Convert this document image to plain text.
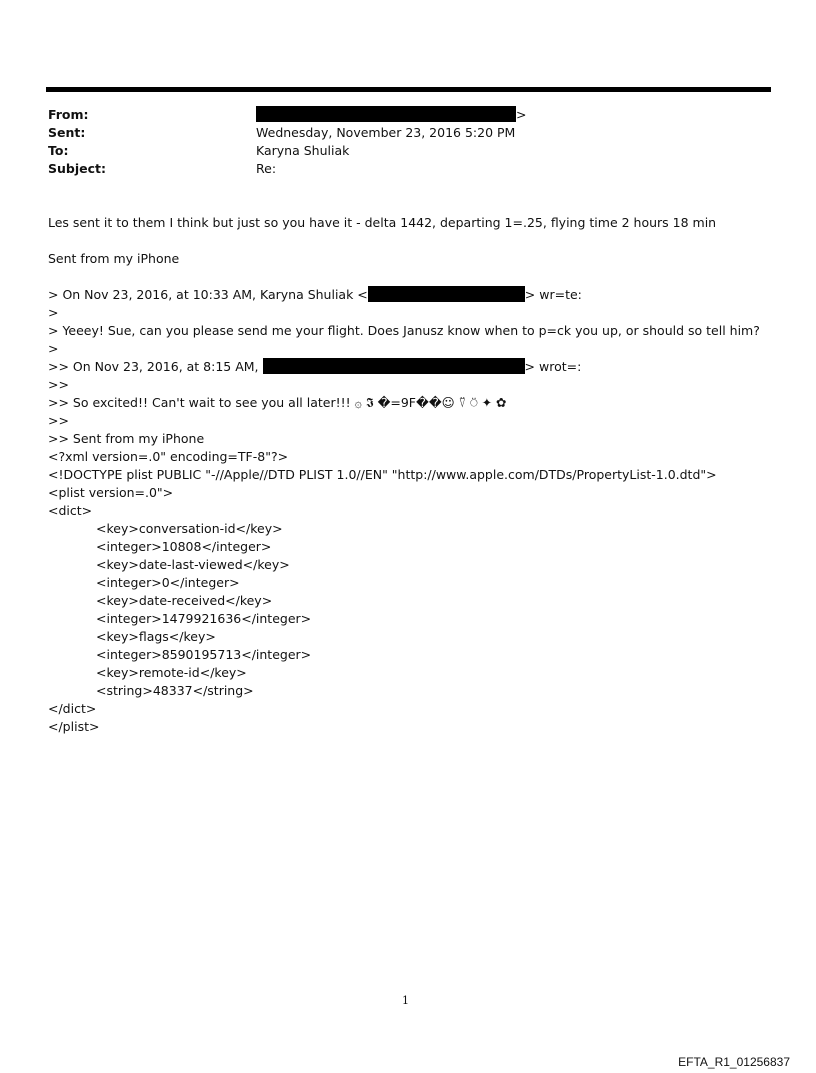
From:	>
Sent:	Wednesday, November 23, 2016 5:20 PM
To:	Karyna Shuliak
Subject:	Re:
Les sent it to them I think but just so you have it - delta 1442, departing 1=.25, flying time 2 hours 18 min
Sent from my iPhone
> On Nov 23, 2016, at 10:33 AM, Karyna Shuliak <	> wr=te:
>
> Yeeey! Sue, can you please send me your flight. Does Janusz know when to p=ck you up, or should so tell him?
>
>> On Nov 23, 2016, at 8:15 AM,	> wrot=:
>>
>> So excited!! Can't wait to see you all later!!! ۞ 𝕴 �=9F��☺ ⍢ ⍥ ✦ ✿
>>
>> Sent from my iPhone
<?xml version=.0" encoding=TF-8"?>
<!DOCTYPE plist PUBLIC "-//Apple//DTD PLIST 1.0//EN" "http://www.apple.com/DTDs/PropertyList-1.0.dtd">
<plist version=.0">
<dict>
<key>conversation-id</key>
<integer>10808</integer>
<key>date-last-viewed</key>
<integer>0</integer>
<key>date-received</key>
<integer>1479921636</integer>
<key>flags</key>
<integer>8590195713</integer>
<key>remote-id</key>
<string>48337</string>
</dict>
</plist>
1
EFTA_R1_01256837
